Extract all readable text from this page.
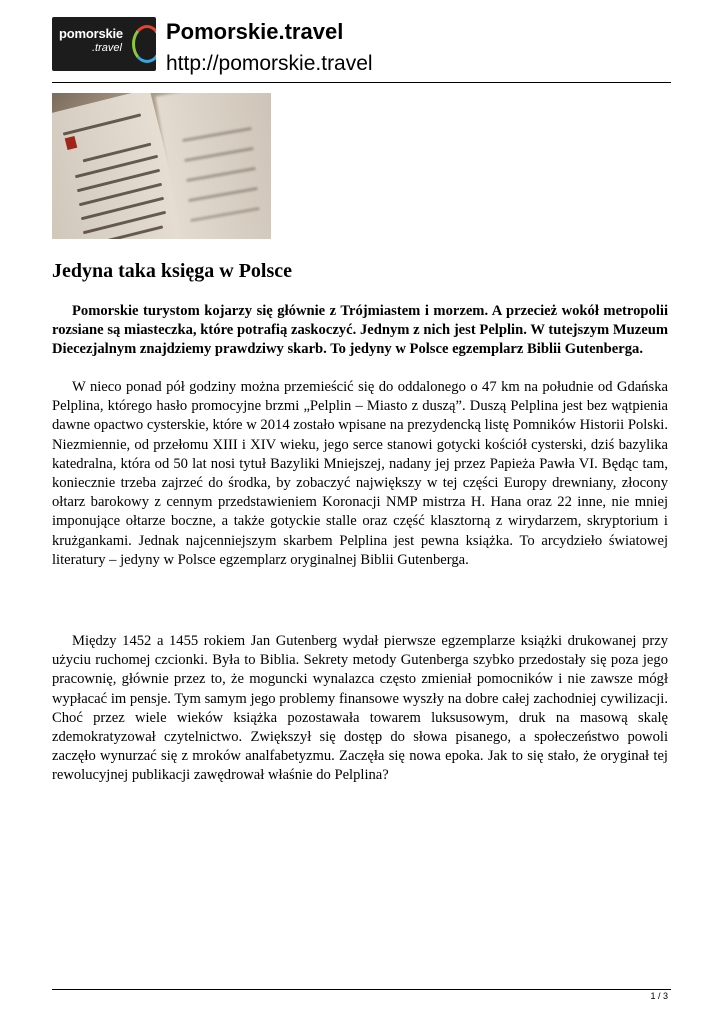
pomorskie
.travel
Pomorskie.travel
http://pomorskie.travel
Jedyna taka księga w Polsce

Pomorskie turystom kojarzy się głównie z Trójmiastem i morzem. A przecież wokół metropolii rozsiane są miasteczka, które potrafią zaskoczyć. Jednym z nich jest Pelplin. W tutejszym Muzeum Diecezjalnym znajdziemy prawdziwy skarb. To jedyny w Polsce egzemplarz Biblii Gutenberga.

W nieco ponad pół godziny można przemieścić się do oddalonego o 47 km na południe od Gdańska Pelplina, którego hasło promocyjne brzmi „Pelplin – Miasto z duszą”. Duszą Pelplina jest bez wątpienia dawne opactwo cysterskie, które w 2014 zostało wpisane na prezydencką listę Pomników Historii Polski. Niezmiennie, od przełomu XIII i XIV wieku, jego serce stanowi gotycki kościół cysterski, dziś bazylika katedralna, która od 50 lat nosi tytuł Bazyliki Mniejszej, nadany jej przez Papieża Pawła VI. Będąc tam, koniecznie trzeba zajrzeć do środka, by zobaczyć największy w tej części Europy drewniany, złocony ołtarz barokowy z cennym przedstawieniem Koronacji NMP mistrza H. Hana oraz 22 inne, nie mniej imponujące ołtarze boczne, a także gotyckie stalle oraz część klasztorną z wirydarzem, skryptorium i krużgankami. Jednak najcenniejszym skarbem Pelplina jest pewna książka. To arcydzieło światowej literatury – jedyny w Polsce egzemplarz oryginalnej Biblii Gutenberga.

Między 1452 a 1455 rokiem Jan Gutenberg wydał pierwsze egzemplarze książki drukowanej przy użyciu ruchomej czcionki. Była to Biblia. Sekrety metody Gutenberga szybko przedostały się poza jego pracownię, głównie przez to, że moguncki wynalazca często zmieniał pomocników i nie zawsze mógł wypłacać im pensje. Tym samym jego problemy finansowe wyszły na dobre całej zachodniej cywilizacji. Choć przez wiele wieków książka pozostawała towarem luksusowym, druk na masową skalę zdemokratyzował czytelnictwo. Zwiększył się dostęp do słowa pisanego, a społeczeństwo powoli zaczęło wynurzać się z mroków analfabetyzmu. Zaczęła się nowa epoka. Jak to się stało, że oryginał tej rewolucyjnej publikacji zawędrował właśnie do Pelplina?

1 / 3
